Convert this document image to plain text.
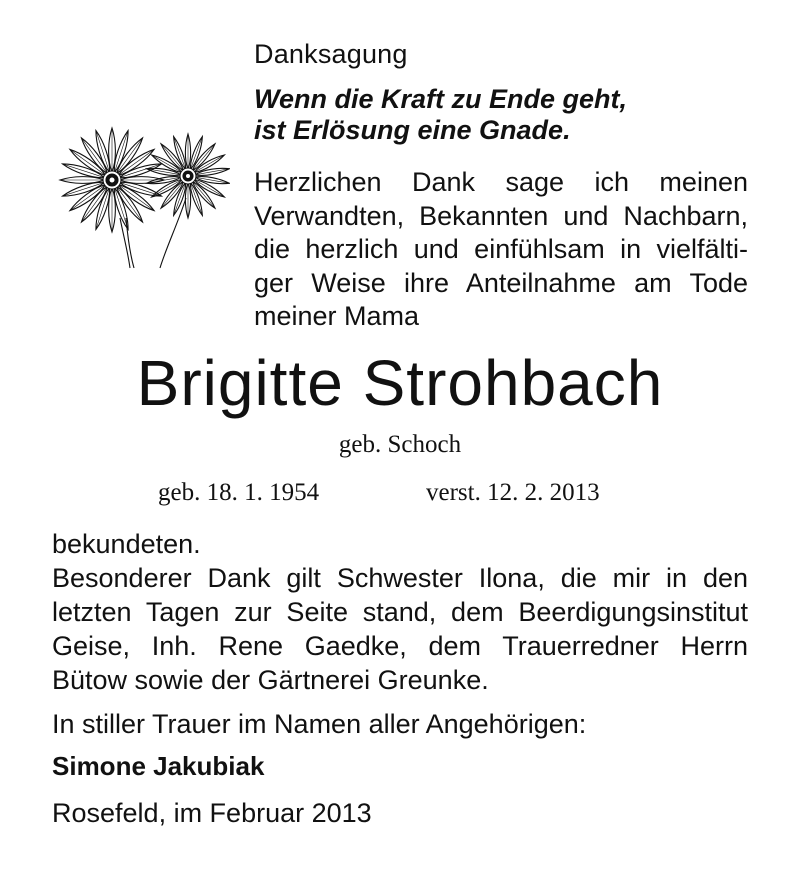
Danksagung
Wenn die Kraft zu Ende geht,
ist Erlösung eine Gnade.
Herzlichen Dank sage ich meinen
Verwandten, Bekannten und Nachbarn,
die herzlich und einfühlsam in vielfälti-
ger Weise ihre Anteilnahme am Tode
meiner Mama
Brigitte Strohbach
geb. Schoch
geb. 18. 1. 1954	verst. 12. 2. 2013
bekundeten.
Besonderer Dank gilt Schwester Ilona, die mir in den
letzten Tagen zur Seite stand, dem Beerdigungsinstitut
Geise, Inh. Rene Gaedke, dem Trauerredner Herrn
Bütow sowie der Gärtnerei Greunke.
In stiller Trauer im Namen aller Angehörigen:
Simone Jakubiak
Rosefeld, im Februar 2013
